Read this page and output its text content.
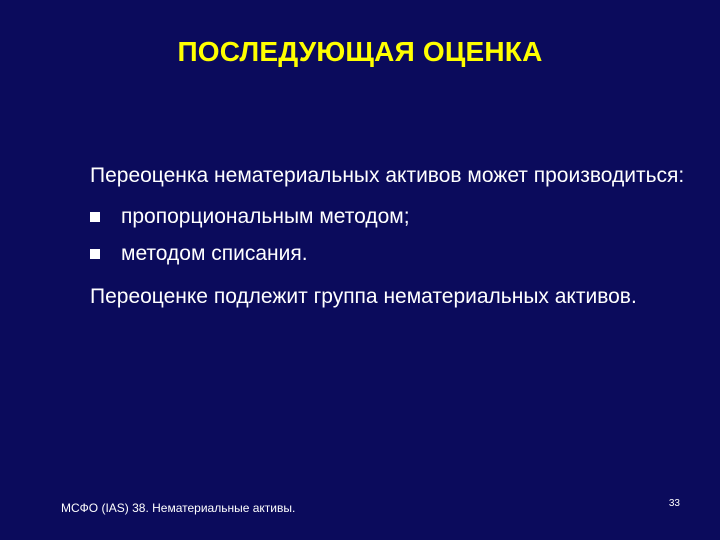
ПОСЛЕДУЮЩАЯ ОЦЕНКА

Переоценка нематериальных активов может производиться:

пропорциональным методом;
методом списания.

Переоценке подлежит группа нематериальных активов.

МСФО (IAS) 38. Нематериальные активы.	33
